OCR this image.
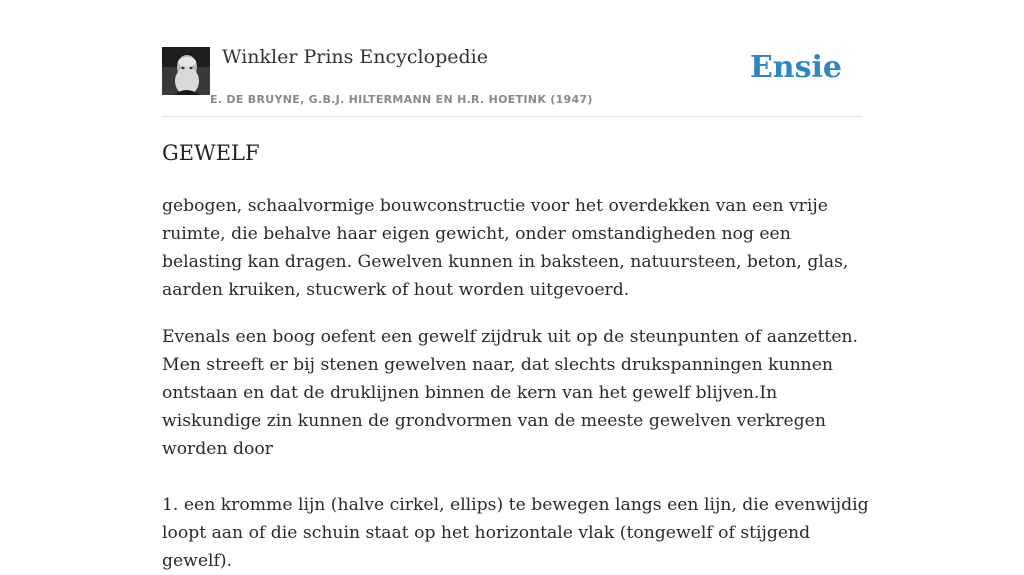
Winkler Prins Encyclopedie
E. DE BRUYNE, G.B.J. HILTERMANN EN H.R. HOETINK (1947)
Ensie
GEWELF

gebogen, schaalvormige bouwconstructie voor het overdekken van een vrije ruimte, die behalve haar eigen gewicht, onder omstandigheden nog een belasting kan dragen. Gewelven kunnen in baksteen, natuursteen, beton, glas, aarden kruiken, stucwerk of hout worden uitgevoerd.

Evenals een boog oefent een gewelf zijdruk uit op de steunpunten of aanzetten. Men streeft er bij stenen gewelven naar, dat slechts drukspanningen kunnen ontstaan en dat de druklijnen binnen de kern van het gewelf blijven.In wiskundige zin kunnen de grondvormen van de meeste gewelven verkregen worden door

1. een kromme lijn (halve cirkel, ellips) te bewegen langs een lijn, die evenwijdig loopt aan of die schuin staat op het horizontale vlak (tongewelf of stijgend gewelf).
